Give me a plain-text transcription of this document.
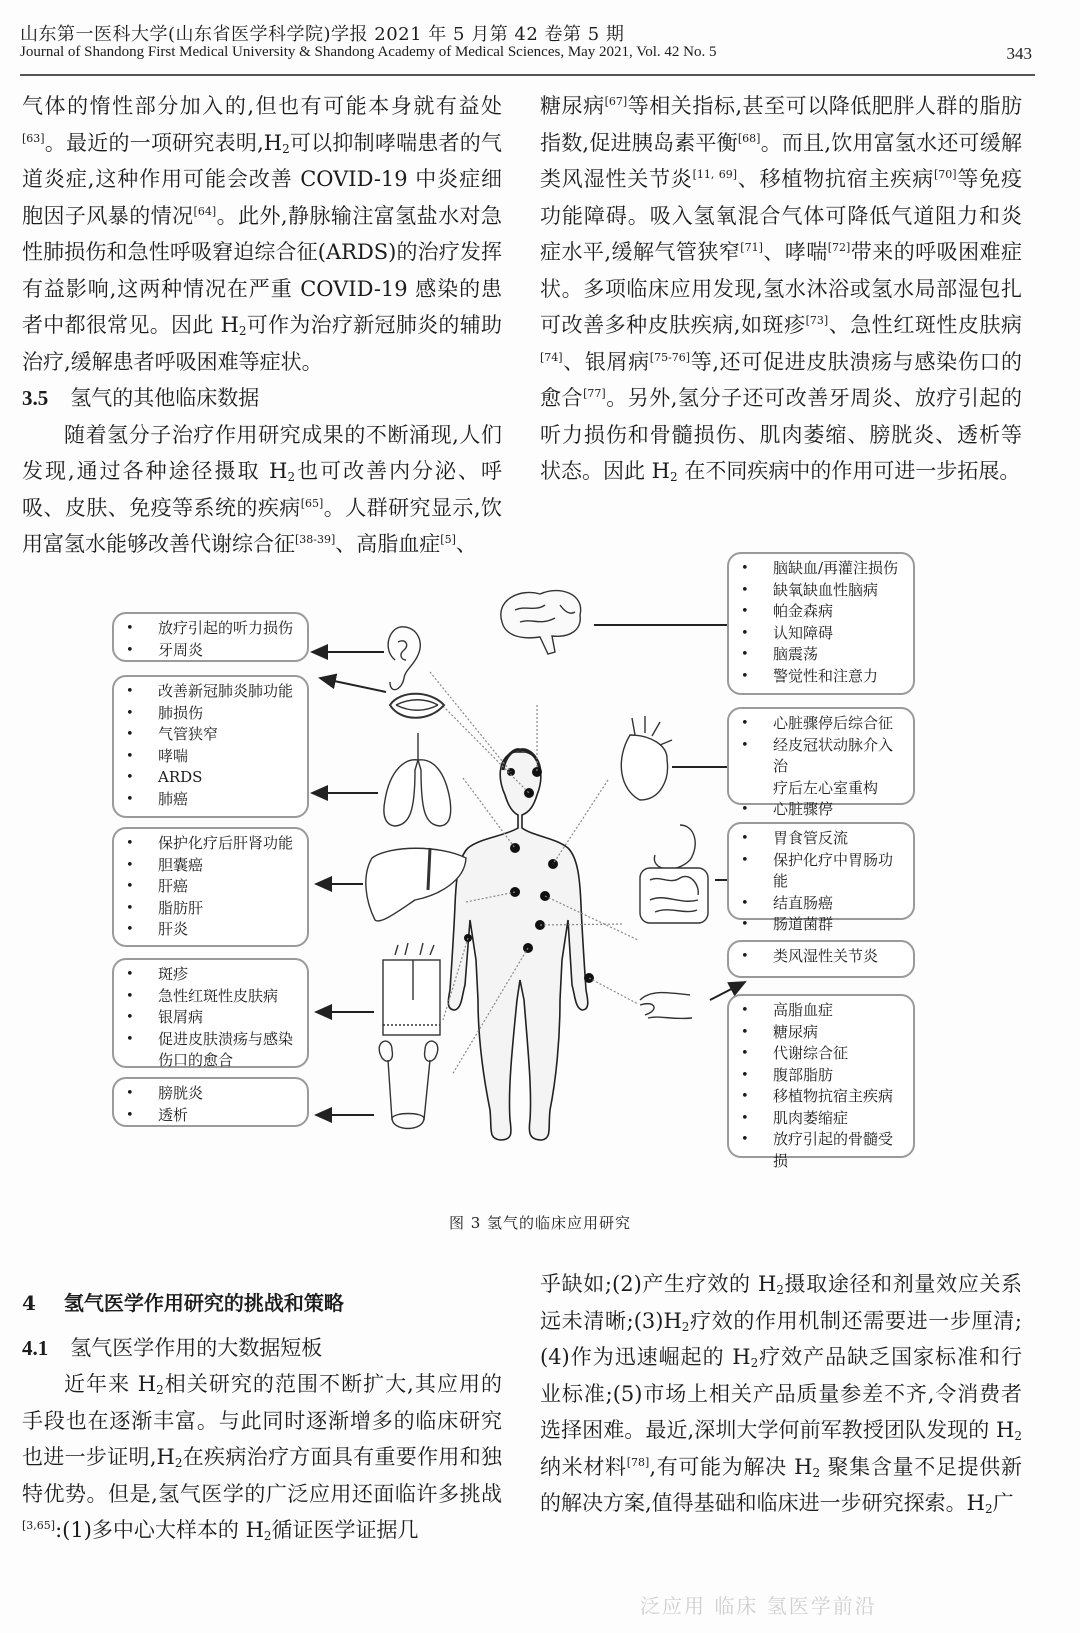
山东第一医科大学(山东省医学科学院)学报 2021 年 5 月第 42 卷第 5 期
Journal of Shandong First Medical University & Shandong Academy of Medical Sciences, May 2021, Vol. 42 No. 5	343

气体的惰性部分加入的,但也有可能本身就有益处[63]。最近的一项研究表明$,H_2$可以抑制哮喘患者的气道炎症,这种作用可能会改善 COVID-19 中炎症细胞因子风暴的情况[64]。此外,静脉输注富氢盐水对急性肺损伤和急性呼吸窘迫综合征(ARDS)的治疗发挥有益影响,这两种情况在严重 COVID-19 感染的患者中都很常见。因此 $H_2$可作为治疗新冠肺炎的辅助治疗,缓解患者呼吸困难等症状。

3.5 氢气的其他临床数据

随着氢分子治疗作用研究成果的不断涌现,人们发现,通过各种途径摄取 $H_2$也可改善内分泌、呼吸、皮肤、免疫等系统的疾病[65]。人群研究显示,饮用富氢水能够改善代谢综合征[38-39]、高脂血症[5]、

糖尿病[67]等相关指标,甚至可以降低肥胖人群的脂肪指数,促进胰岛素平衡[68]。而且,饮用富氢水还可缓解类风湿性关节炎[11, 69]、移植物抗宿主疾病[70]等免疫功能障碍。吸入氢氧混合气体可降低气道阻力和炎症水平,缓解气管狭窄[71]、哮喘[72]带来的呼吸困难症状。多项临床应用发现,氢水沐浴或氢水局部湿包扎可改善多种皮肤疾病,如斑疹[73]、急性红斑性皮肤病[74]、银屑病[75-76]等,还可促进皮肤溃疡与感染伤口的愈合[77]。另外,氢分子还可改善牙周炎、放疗引起的听力损伤和骨髓损伤、肌肉萎缩、膀胱炎、透析等状态。因此 $H_2$ 在不同疾病中的作用可进一步拓展。

• 放疗引起的听力损伤
• 牙周炎
• 改善新冠肺炎肺功能
• 肺损伤
• 气管狭窄
• 哮喘
• ARDS
• 肺癌
• 保护化疗后肝肾功能
• 胆囊癌
• 肝癌
• 脂肪肝
• 肝炎
• 斑疹
• 急性红斑性皮肤病
• 银屑病
• 促进皮肤溃疡与感染
伤口的愈合
• 膀胱炎
• 透析
• 脑缺血/再灌注损伤
• 缺氧缺血性脑病
• 帕金森病
• 认知障碍
• 脑震荡
• 警觉性和注意力
• 心脏骤停后综合征
• 经皮冠状动脉介入治
疗后左心室重构
• 心脏骤停
• 胃食管反流
• 保护化疗中胃肠功能
• 结直肠癌
• 肠道菌群
• 类风湿性关节炎
• 高脂血症
• 糖尿病
• 代谢综合征
• 腹部脂肪
• 移植物抗宿主疾病
• 肌肉萎缩症
• 放疗引起的骨髓受损
图 3 氢气的临床应用研究

4 氢气医学作用研究的挑战和策略

4.1 氢气医学作用的大数据短板

近年来 $H_2$相关研究的范围不断扩大,其应用的手段也在逐渐丰富。与此同时逐渐增多的临床研究也进一步证明$,H_2$在疾病治疗方面具有重要作用和独特优势。但是,氢气医学的广泛应用还面临许多挑战[3,65]:(1)多中心大样本的 $H_2$循证医学证据几

乎缺如;(2)产生疗效的 $H_2$摄取途径和剂量效应关系远未清晰$;(3)H_2$疗效的作用机制还需要进一步厘清;(4)作为迅速崛起的 $H_2$疗效产品缺乏国家标准和行业标准;(5)市场上相关产品质量参差不齐,令消费者选择困难。最近,深圳大学何前军教授团队发现的 $H_2$纳米材料[78],有可能为解决 $H_2$ 聚集含量不足提供新的解决方案,值得基础和临床进一步研究探索。$H_2$广

泛应用 临床 氢医学前沿
